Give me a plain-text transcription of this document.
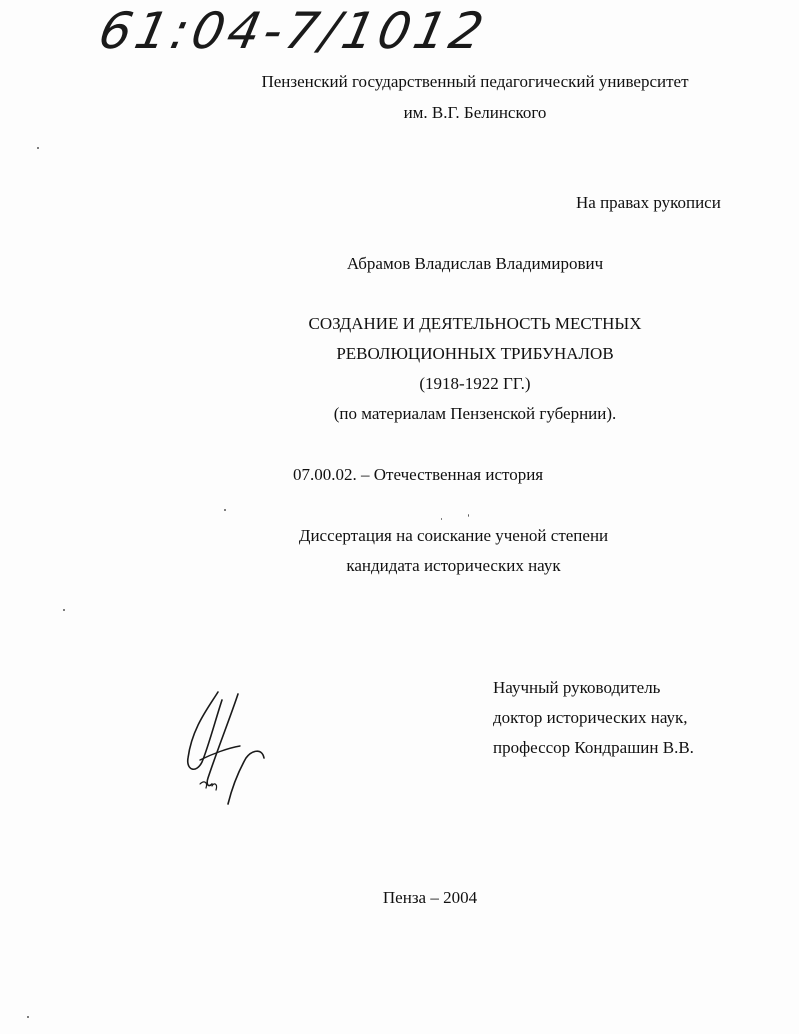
61:04-7/1012
Пензенский государственный педагогический университет
им. В.Г. Белинского
На правах рукописи
Абрамов Владислав Владимирович
СОЗДАНИЕ И ДЕЯТЕЛЬНОСТЬ МЕСТНЫХ
РЕВОЛЮЦИОННЫХ ТРИБУНАЛОВ
(1918-1922 ГГ.)
(по материалам Пензенской губернии).
07.00.02. – Отечественная история
Диссертация на соискание ученой степени
кандидата исторических наук
Научный руководитель
доктор исторических наук,
профессор Кондрашин В.В.
Пенза – 2004
